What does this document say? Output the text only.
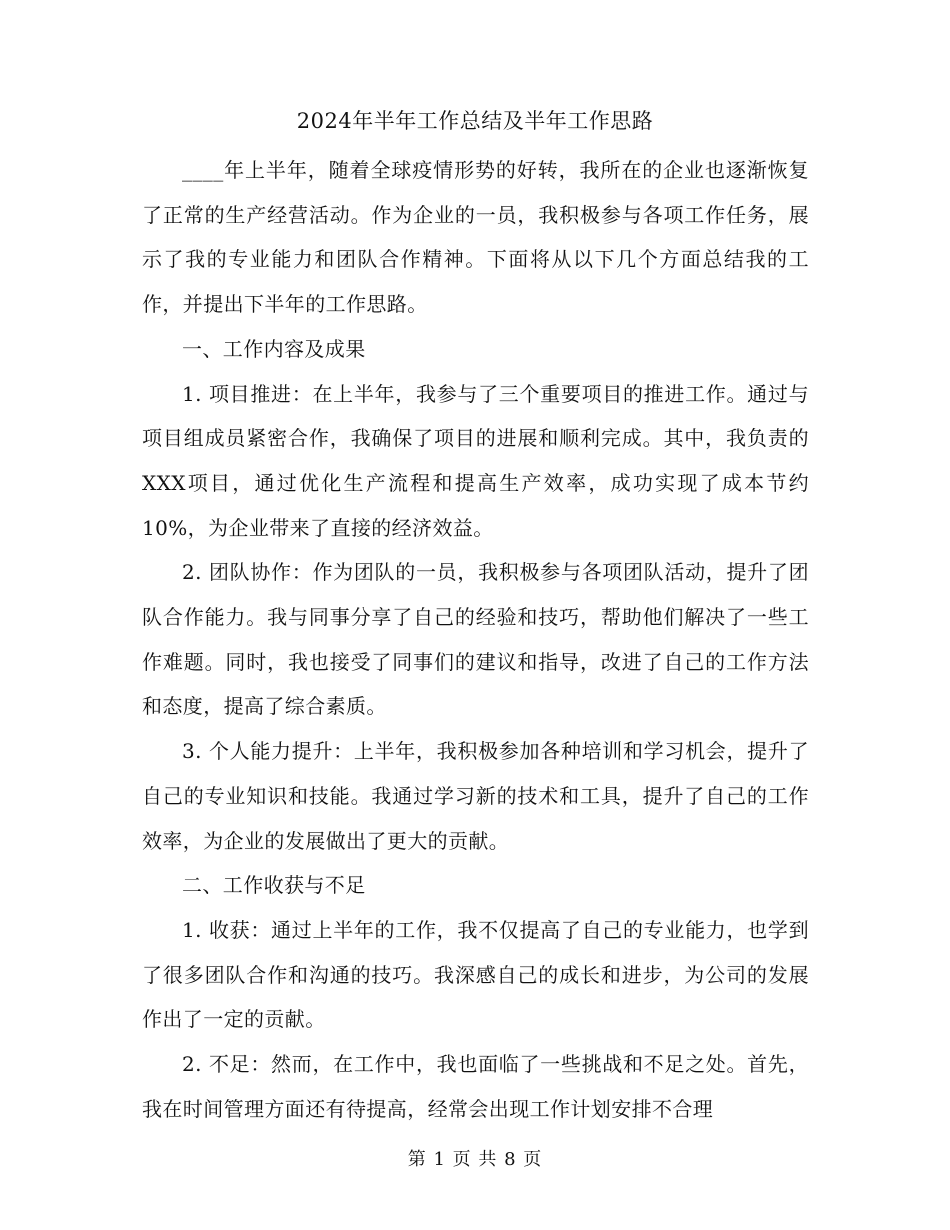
2024年半年工作总结及半年工作思路

____年上半年，随着全球疫情形势的好转，我所在的企业也逐渐恢复了正常的生产经营活动。作为企业的一员，我积极参与各项工作任务，展示了我的专业能力和团队合作精神。下面将从以下几个方面总结我的工作，并提出下半年的工作思路。

一、工作内容及成果

1. 项目推进：在上半年，我参与了三个重要项目的推进工作。通过与项目组成员紧密合作，我确保了项目的进展和顺利完成。其中，我负责的XXX项目，通过优化生产流程和提高生产效率，成功实现了成本节约10%，为企业带来了直接的经济效益。

2. 团队协作：作为团队的一员，我积极参与各项团队活动，提升了团队合作能力。我与同事分享了自己的经验和技巧，帮助他们解决了一些工作难题。同时，我也接受了同事们的建议和指导，改进了自己的工作方法和态度，提高了综合素质。

3. 个人能力提升：上半年，我积极参加各种培训和学习机会，提升了自己的专业知识和技能。我通过学习新的技术和工具，提升了自己的工作效率，为企业的发展做出了更大的贡献。

二、工作收获与不足

1. 收获：通过上半年的工作，我不仅提高了自己的专业能力，也学到了很多团队合作和沟通的技巧。我深感自己的成长和进步，为公司的发展作出了一定的贡献。

2. 不足：然而，在工作中，我也面临了一些挑战和不足之处。首先，我在时间管理方面还有待提高，经常会出现工作计划安排不合理

第 1 页 共 8 页
